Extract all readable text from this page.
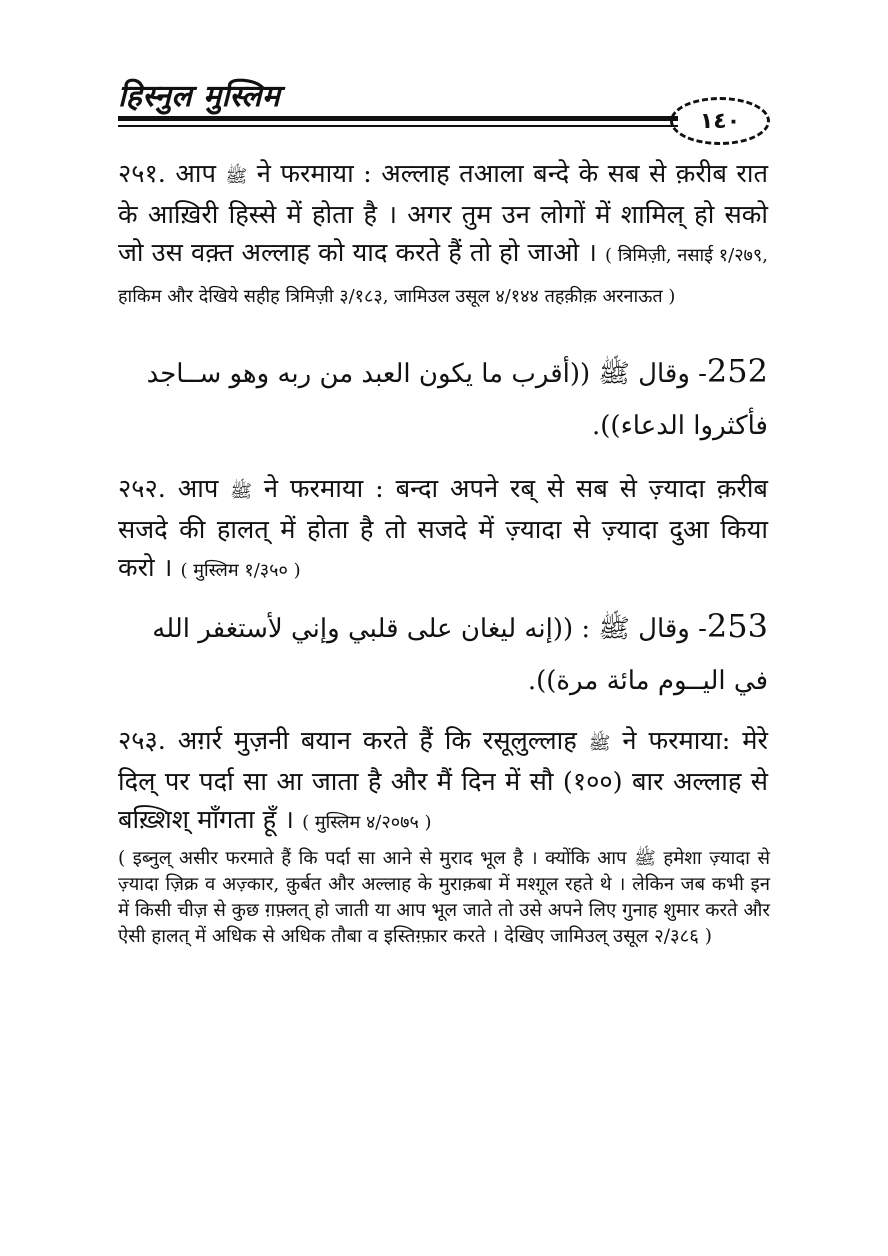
हिस्नुल मुस्लिम
١٤٠
२५१. आप ﷺ ने फरमाया : अल्लाह तआला बन्दे के सब से क़रीब रात के आख़िरी हिस्से में होता है । अगर तुम उन लोगों में शामिल् हो सको जो उस वक़्त अल्लाह को याद करते हैं तो हो जाओ । ( त्रिमिज़ी, नसाई १/२७९, हाकिम और देखिये सहीह त्रिमिज़ी ३/१८३, जामिउल उसूल ४/१४४ तहक़ीक़ अरनाऊत )
252- وقال ﷺ ((أقرب ما يكون العبد من ربه وهو ســاجد فأكثروا الدعاء)).
२५२. आप ﷺ ने फरमाया : बन्दा अपने रब् से सब से ज़्यादा क़रीब सजदे की हालत् में होता है तो सजदे में ज़्यादा से ज़्यादा दुआ किया करो । ( मुस्लिम १/३५० )
253- وقال ﷺ : ((إنه ليغان على قلبي وإني لأستغفر الله في اليــوم مائة مرة)).
२५३. अग़र्र मुज़नी बयान करते हैं कि रसूलुल्लाह ﷺ ने फरमाया: मेरे दिल् पर पर्दा सा आ जाता है और मैं दिन में सौ (१००) बार अल्लाह से बख़्शिश् माँगता हूँ । ( मुस्लिम ४/२०७५ )
( इब्नुल् असीर फरमाते हैं कि पर्दा सा आने से मुराद भूल है । क्योंकि आप ﷺ हमेशा ज़्यादा से ज़्यादा ज़िक्र व अज़्कार, क़ुर्बत और अल्लाह के मुराक़बा में मश्ग़ूल रहते थे । लेकिन जब कभी इन में किसी चीज़ से कुछ ग़फ़्लत् हो जाती या आप भूल जाते तो उसे अपने लिए गुनाह शुमार करते और ऐसी हालत् में अधिक से अधिक तौबा व इस्तिग़्फ़ार करते । देखिए जामिउल् उसूल २/३८६ )
